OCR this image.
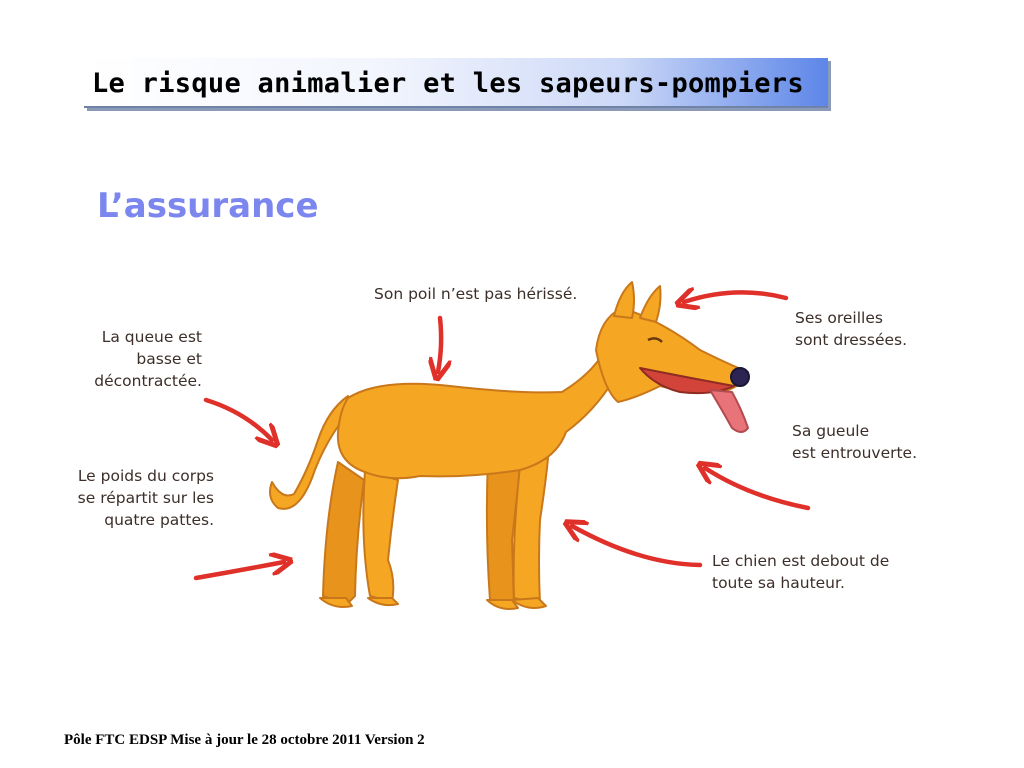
Le risque animalier et les sapeurs-pompiers
L’assurance
Son poil n’est pas hérissé.
La queue est
basse et
décontractée.
Ses oreilles
sont dressées.
Sa gueule
est entrouverte.
Le poids du corps
se répartit sur les
quatre pattes.
Le chien est debout de
toute sa hauteur.
Pôle FTC EDSP Mise à jour le 28 octobre 2011 Version 2
